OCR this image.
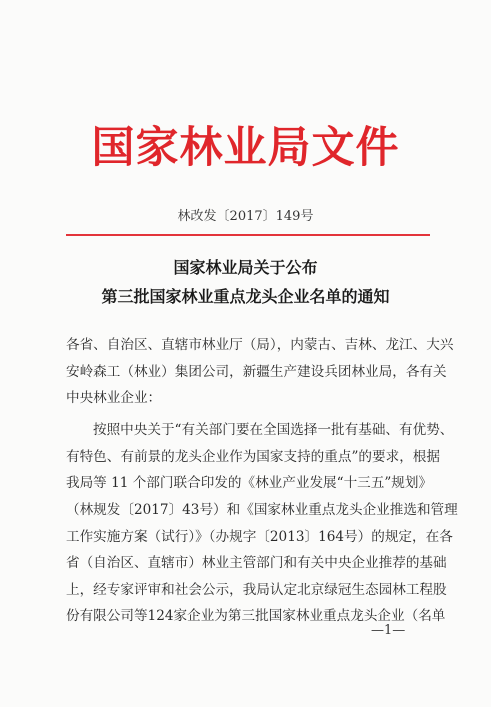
国家林业局文件
林改发〔2017〕149号
国家林业局关于公布
第三批国家林业重点龙头企业名单的通知
各省、自治区、直辖市林业厅（局），内蒙古、吉林、龙江、大兴
安岭森工（林业）集团公司，新疆生产建设兵团林业局，各有关
中央林业企业：
按照中央关于“有关部门要在全国选择一批有基础、有优势、
有特色、有前景的龙头企业作为国家支持的重点”的要求，根据
我局等 11 个部门联合印发的《林业产业发展“十三五”规划》
（林规发〔2017〕43号）和《国家林业重点龙头企业推选和管理
工作实施方案（试行）》（办规字〔2013〕164号）的规定，在各
省（自治区、直辖市）林业主管部门和有关中央企业推荐的基础
上，经专家评审和社会公示，我局认定北京绿冠生态园林工程股
份有限公司等124家企业为第三批国家林业重点龙头企业（名单
—1—
